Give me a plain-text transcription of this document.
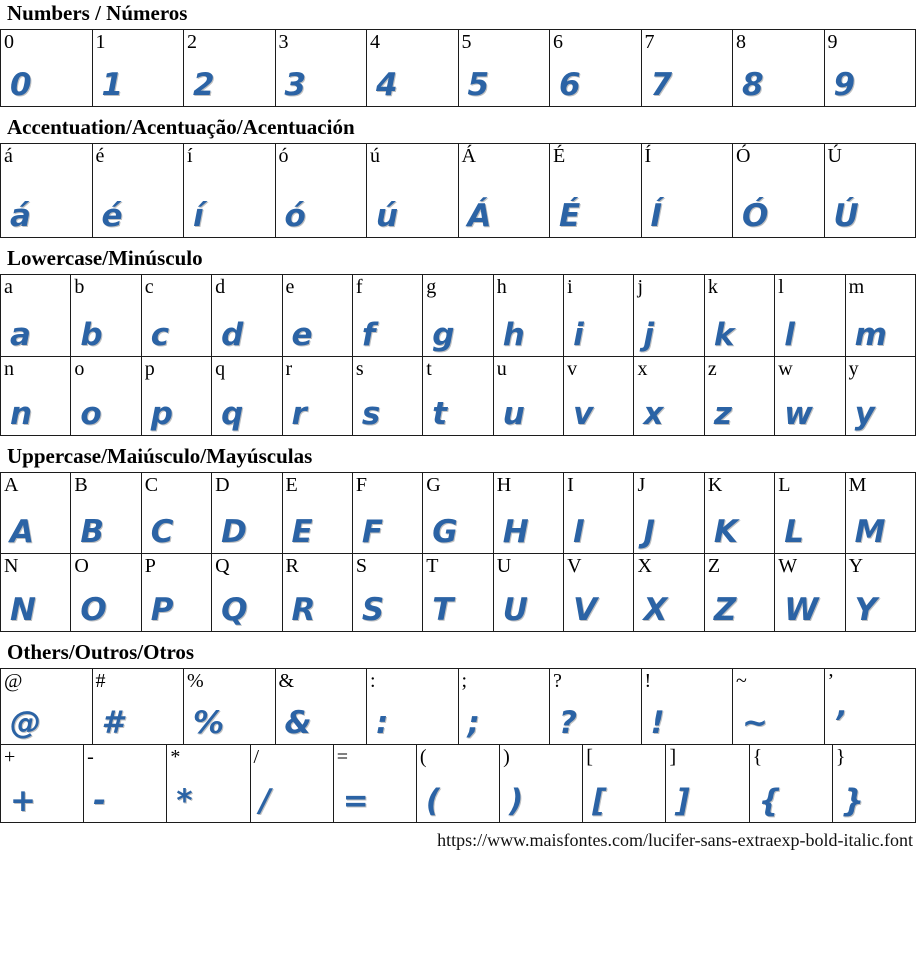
Numbers / Números
0
0
1
1
2
2
3
3
4
4
5
5
6
6
7
7
8
8
9
9
Accentuation/Acentuação/Acentuación
á
á
é
é
í
í
ó
ó
ú
ú
Á
Á
É
É
Í
Í
Ó
Ó
Ú
Ú
Lowercase/Minúsculo
a
a
b
b
c
c
d
d
e
e
f
f
g
g
h
h
i
i
j
j
k
k
l
l
m
m
n
n
o
o
p
p
q
q
r
r
s
s
t
t
u
u
v
v
x
x
z
z
w
w
y
y
Uppercase/Maiúsculo/Mayúsculas
A
A
B
B
C
C
D
D
E
E
F
F
G
G
H
H
I
I
J
J
K
K
L
L
M
M
N
N
O
O
P
P
Q
Q
R
R
S
S
T
T
U
U
V
V
X
X
Z
Z
W
W
Y
Y
Others/Outros/Otros
@
@
#
#
%
%
&
&
:
:
;
;
?
?
!
!
~
~
’
’
+
+
-
-
*
*
/
/
=
=
(
(
)
)
[
[
]
]
{
{
}
}
https://www.maisfontes.com/lucifer-sans-extraexp-bold-italic.font
